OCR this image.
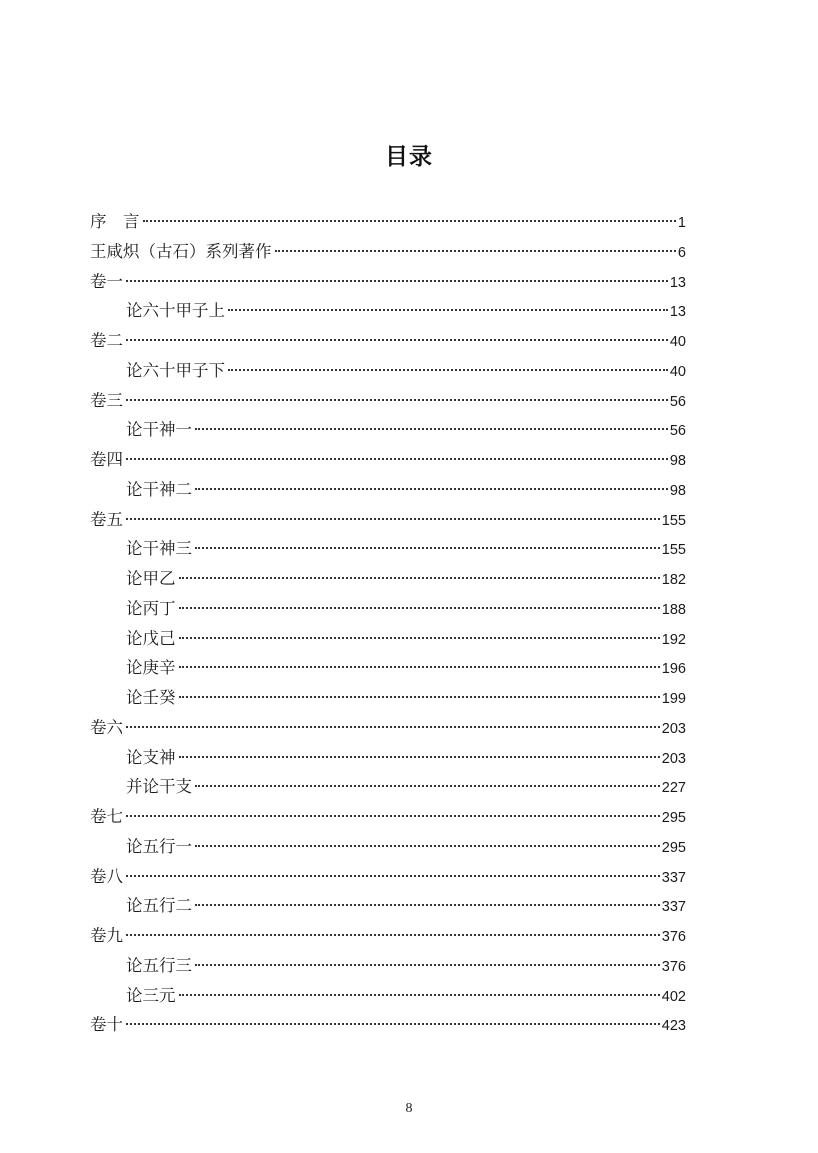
目录
序　言	1
王咸炽（古石）系列著作	6
卷一	13
论六十甲子上	13
卷二	40
论六十甲子下	40
卷三	56
论干神一	56
卷四	98
论干神二	98
卷五	155
论干神三	155
论甲乙	182
论丙丁	188
论戊己	192
论庚辛	196
论壬癸	199
卷六	203
论支神	203
并论干支	227
卷七	295
论五行一	295
卷八	337
论五行二	337
卷九	376
论五行三	376
论三元	402
卷十	423
8
